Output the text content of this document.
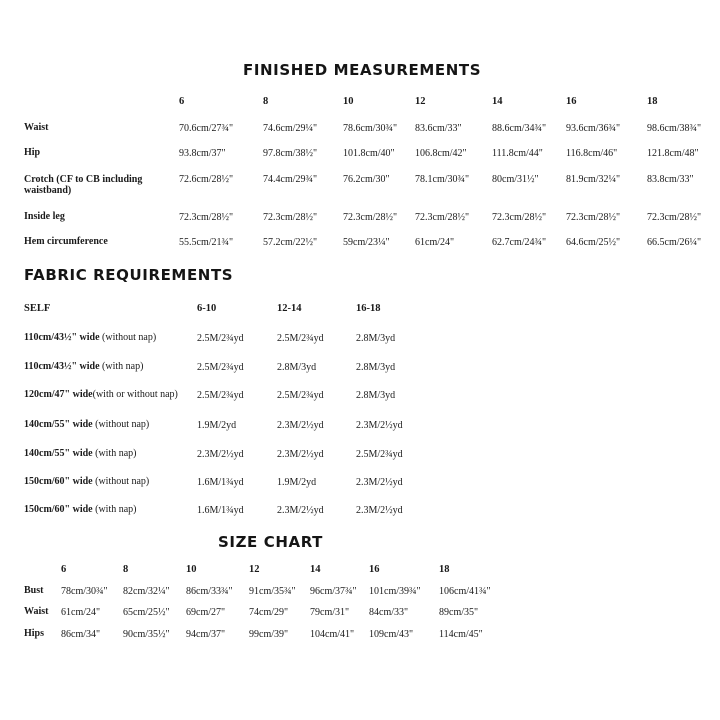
FINISHED MEASUREMENTS
6	8	10	12	14	16	18
Waist	70.6cm/27¾"	74.6cm/29¼"	78.6cm/30¾" 83.6cm/33"	88.6cm/34¾" 93.6cm/36¾"	98.6cm/38¾"
Hip	93.8cm/37"	97.8cm/38½"	101.8cm/40" 106.8cm/42"	111.8cm/44" 116.8cm/46"	121.8cm/48"
Crotch (CF to CB including
waistband)
72.6cm/28½"	74.4cm/29¾"	76.2cm/30"	78.1cm/30¾" 80cm/31½"	81.9cm/32¼"	83.8cm/33"
Inside leg	72.3cm/28½"	72.3cm/28½"	72.3cm/28½" 72.3cm/28½" 72.3cm/28½" 72.3cm/28½"	72.3cm/28½"
Hem circumference	55.5cm/21¾"	57.2cm/22½"	59cm/23¼"	61cm/24"	62.7cm/24¾" 64.6cm/25½"	66.5cm/26¼"
FABRIC REQUIREMENTS
SELF	6-10	12-14	16-18
110cm/43½" wide (without nap)	2.5M/2¾yd	2.5M/2¾yd	2.8M/3yd
110cm/43½" wide (with nap)	2.5M/2¾yd	2.8M/3yd	2.8M/3yd
120cm/47" wide(with or without nap) 2.5M/2¾yd	2.5M/2¾yd	2.8M/3yd
140cm/55" wide (without nap)	1.9M/2yd	2.3M/2½yd	2.3M/2½yd
140cm/55" wide (with nap)	2.3M/2½yd	2.3M/2½yd	2.5M/2¾yd
150cm/60" wide (without nap)	1.6M/1¾yd	1.9M/2yd	2.3M/2½yd
150cm/60" wide (with nap)	1.6M/1¾yd	2.3M/2½yd	2.3M/2½yd
SIZE CHART
6	8	10	12	14	16	18
Bust 78cm/30¾" 82cm/32¼" 86cm/33¾" 91cm/35¾" 96cm/37¾" 101cm/39¾" 106cm/41¾"
Waist 61cm/24" 65cm/25½" 69cm/27" 74cm/29" 79cm/31" 84cm/33"	89cm/35"
Hips 86cm/34" 90cm/35½" 94cm/37" 99cm/39" 104cm/41" 109cm/43"	114cm/45"
